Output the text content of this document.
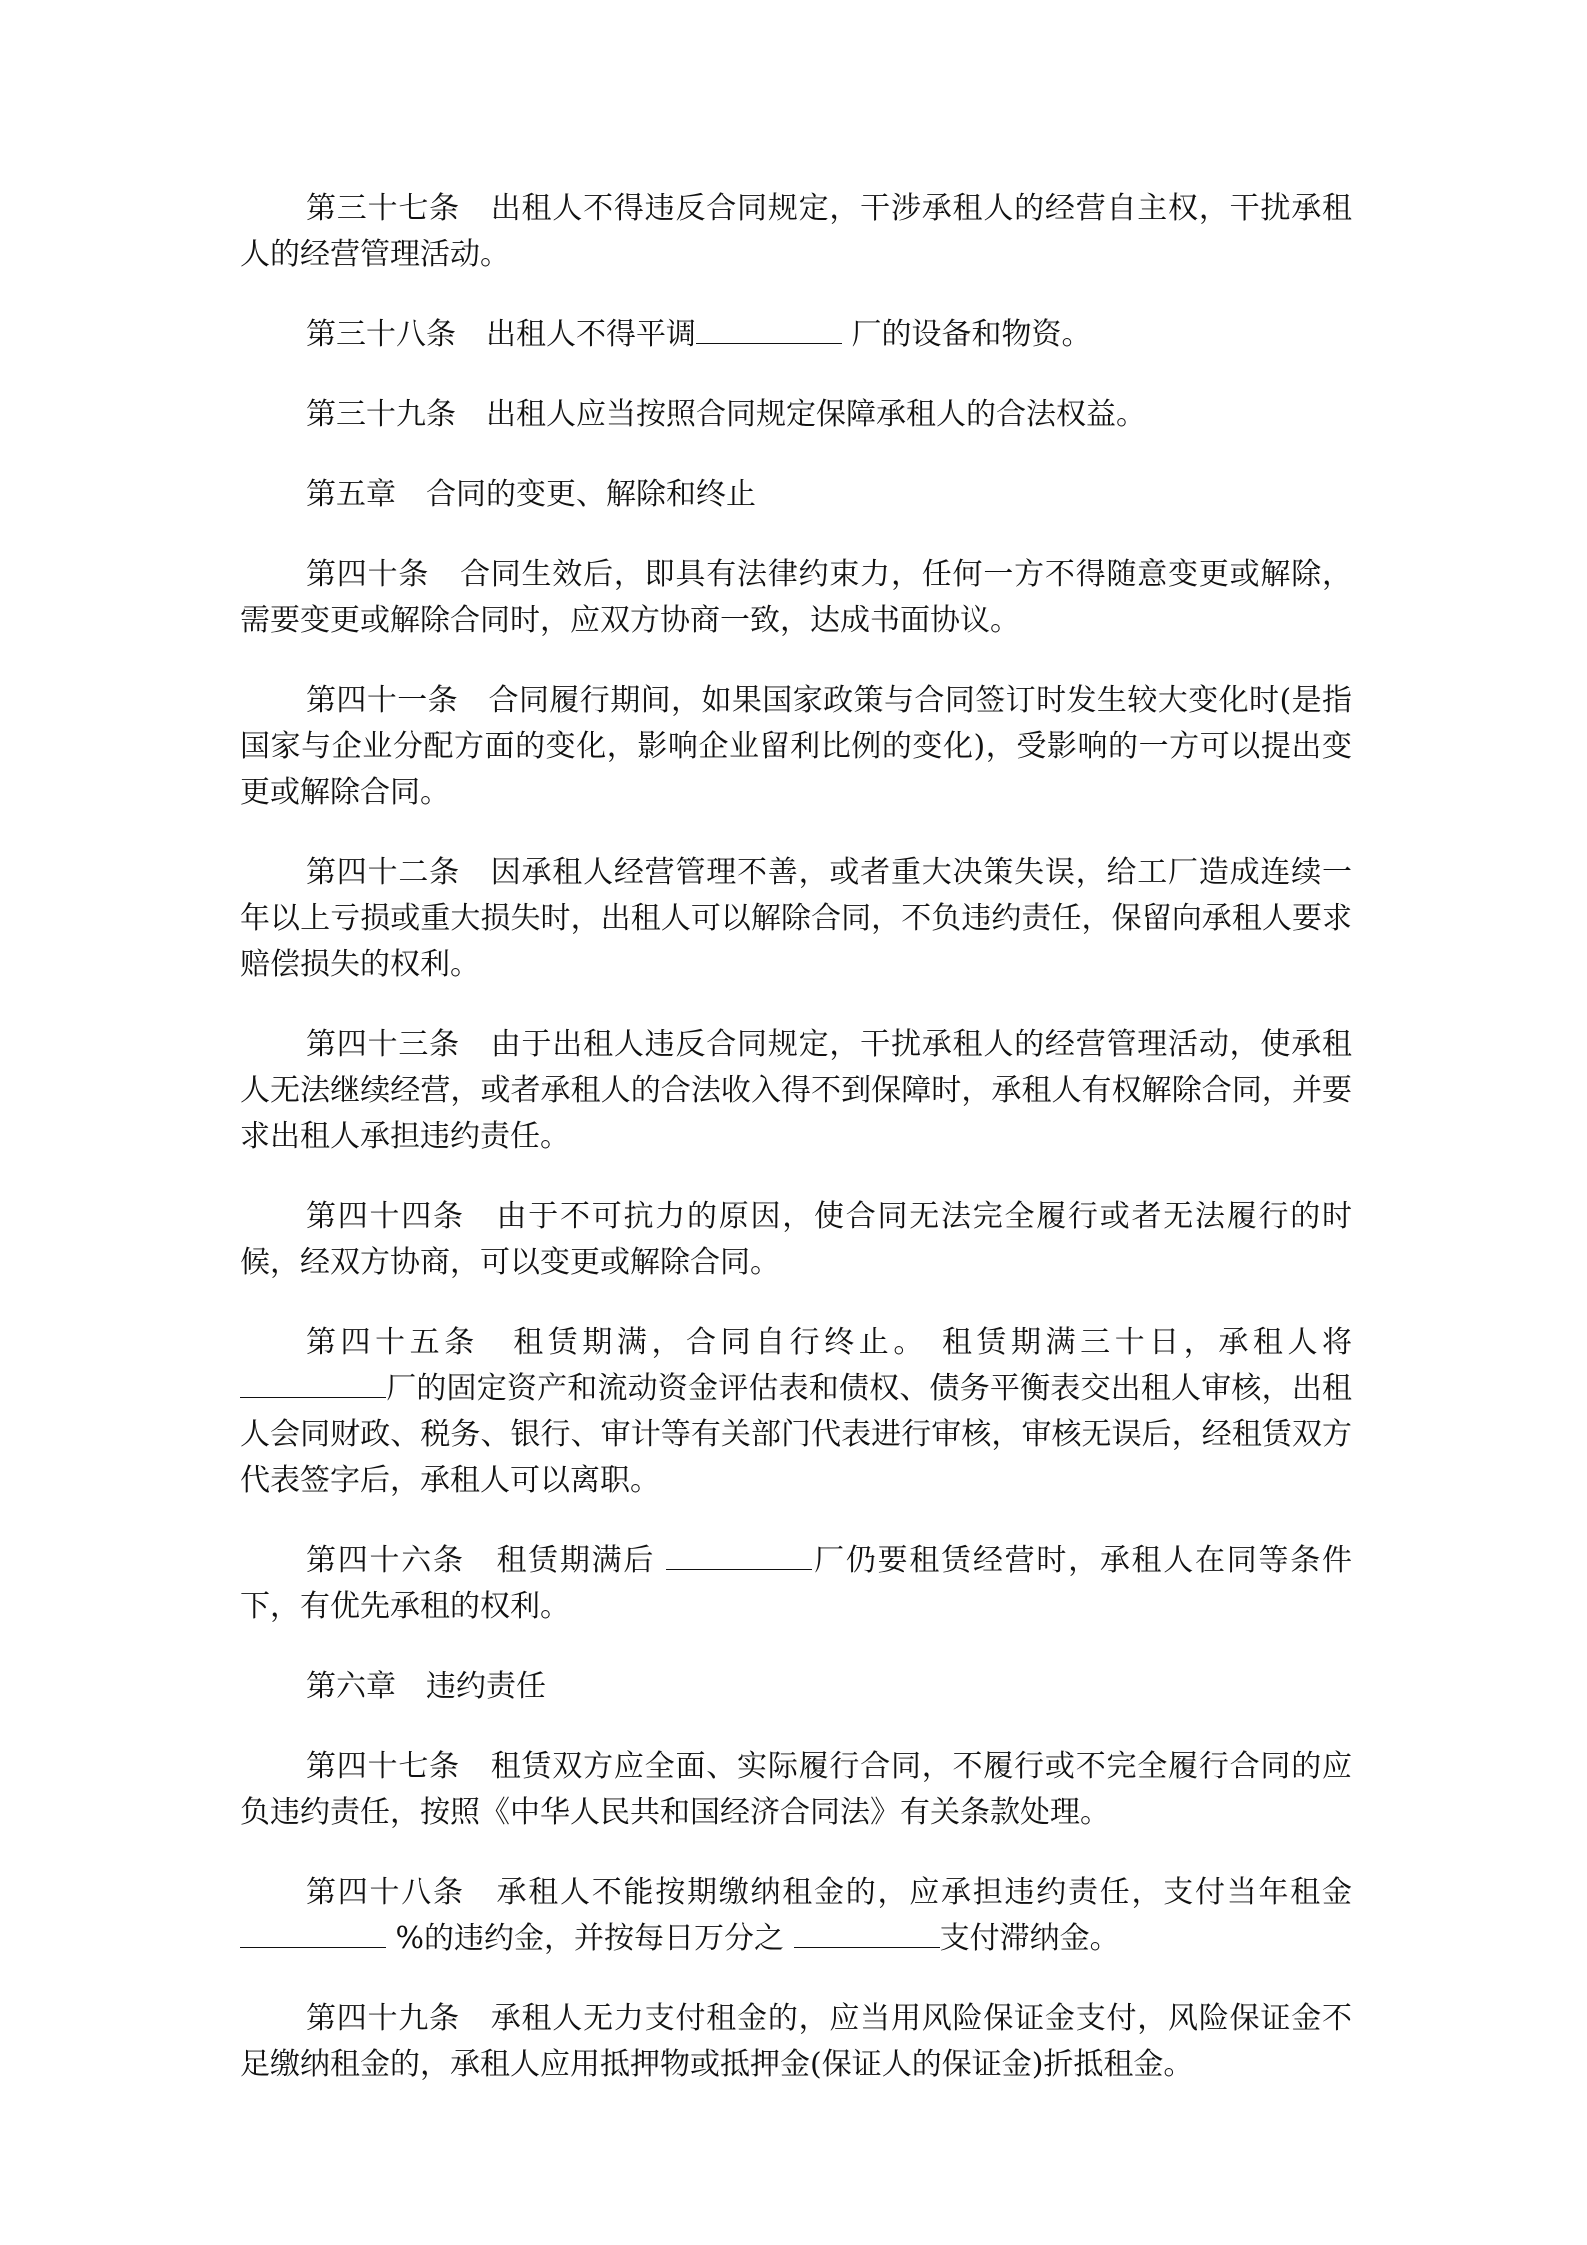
第三十七条　出租人不得违反合同规定，干涉承租人的经营自主权，干扰承租人的经营管理活动。

第三十八条　出租人不得平调	厂的设备和物资。

第三十九条　出租人应当按照合同规定保障承租人的合法权益。

第五章　合同的变更、解除和终止

第四十条　合同生效后，即具有法律约束力，任何一方不得随意变更或解除，需要变更或解除合同时，应双方协商一致，达成书面协议。

第四十一条　合同履行期间，如果国家政策与合同签订时发生较大变化时(是指国家与企业分配方面的变化，影响企业留利比例的变化)，受影响的一方可以提出变更或解除合同。

第四十二条　因承租人经营管理不善，或者重大决策失误，给工厂造成连续一年以上亏损或重大损失时，出租人可以解除合同，不负违约责任，保留向承租人要求赔偿损失的权利。

第四十三条　由于出租人违反合同规定，干扰承租人的经营管理活动，使承租人无法继续经营，或者承租人的合法收入得不到保障时，承租人有权解除合同，并要求出租人承担违约责任。

第四十四条　由于不可抗力的原因，使合同无法完全履行或者无法履行的时候，经双方协商，可以变更或解除合同。

第四十五条　租赁期满，合同自行终止。 租赁期满三十日，承租人将厂的固定资产和流动资金评估表和债权、债务平衡表交出租人审核，出租人会同财政、税务、银行、审计等有关部门代表进行审核，审核无误后，经租赁双方代表签字后，承租人可以离职。

第四十六条　租赁期满后	厂仍要租赁经营时，承租人在同等条件下，有优先承租的权利。

第六章　违约责任

第四十七条　租赁双方应全面、实际履行合同，不履行或不完全履行合同的应负违约责任，按照《中华人民共和国经济合同法》有关条款处理。

第四十八条　承租人不能按期缴纳租金的，应承担违约责任，支付当年租金 %的违约金，并按每日万分之	支付滞纳金。

第四十九条　承租人无力支付租金的，应当用风险保证金支付，风险保证金不足缴纳租金的，承租人应用抵押物或抵押金(保证人的保证金)折抵租金。
